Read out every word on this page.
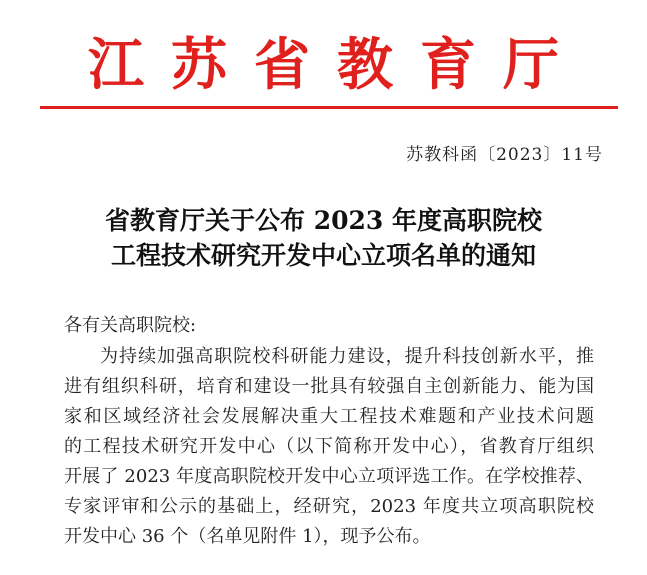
江苏省教育厅
苏教科函〔2023〕11号
省教育厅关于公布 2023 年度高职院校
工程技术研究开发中心立项名单的通知
各有关高职院校:
为持续加强高职院校科研能力建设，提升科技创新水平，推
进有组织科研，培育和建设一批具有较强自主创新能力、能为国
家和区域经济社会发展解决重大工程技术难题和产业技术问题
的工程技术研究开发中心（以下简称开发中心），省教育厅组织
开展了 2023 年度高职院校开发中心立项评选工作。在学校推荐、
专家评审和公示的基础上，经研究，2023 年度共立项高职院校
开发中心 36 个（名单见附件 1），现予公布。
